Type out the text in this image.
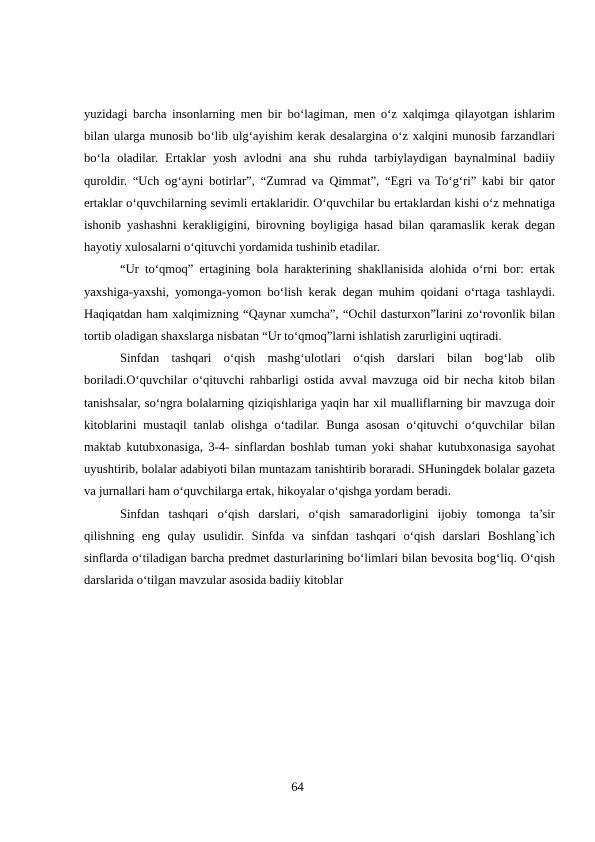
yuzidagi barcha insonlarning men bir bo‘lagiman, men o‘z xalqimga qilayotgan ishlarim bilan ularga munosib bo‘lib ulg‘ayishim kerak desalargina o‘z xalqini munosib farzandlari bo‘la oladilar. Ertaklar yosh avlodni ana shu ruhda tarbiylaydigan baynalminal badiiy quroldir. “Uch og‘ayni botirlar”, “Zumrad va Qimmat”, “Egri va To‘g‘ri” kabi bir qator ertaklar o‘quvchilarning sevimli ertaklaridir. O‘quvchilar bu ertaklardan kishi o‘z mehnatiga ishonib yashashni kerakligigini, birovning boyligiga hasad bilan qaramaslik kerak degan hayotiy xulosalarni o‘qituvchi yordamida tushinib etadilar.

“Ur to‘qmoq” ertagining bola harakterining shakllanisida alohida o‘rni bor: ertak yaxshiga-yaxshi, yomonga-yomon bo‘lish kerak degan muhim qoidani o‘rtaga tashlaydi. Haqiqatdan ham xalqimizning “Qaynar xumcha”, “Ochil dasturxon”larini zo‘rovonlik bilan tortib oladigan shaxslarga nisbatan “Ur to‘qmoq”larni ishlatish zarurligini uqtiradi.

Sinfdan tashqari o‘qish mashg‘ulotlari o‘qish darslari bilan bog‘lab olib boriladi.O‘quvchilar o‘qituvchi rahbarligi ostida avval mavzuga oid bir necha kitob bilan tanishsalar, so‘ngra bolalarning qiziqishlariga yaqin har xil mualliflarning bir mavzuga doir kitoblarini mustaqil tanlab olishga o‘tadilar. Bunga asosan o‘qituvchi o‘quvchilar bilan maktab kutubxonasiga, 3-4- sinflardan boshlab tuman yoki shahar kutubxonasiga sayohat uyushtirib, bolalar adabiyoti bilan muntazam tanishtirib boraradi. SHuningdek bolalar gazeta va jurnallari ham o‘quvchilarga ertak, hikoyalar o‘qishga yordam beradi.

Sinfdan tashqari o‘qish darslari, o‘qish samaradorligini ijobiy tomonga ta’sir qilishning eng qulay usulidir. Sinfda va sinfdan tashqari o‘qish darslari Boshlang`ich sinflarda o‘tiladigan barcha predmet dasturlarining bo‘limlari bilan bevosita bog‘liq. O‘qish darslarida o‘tilgan mavzular asosida badiiy kitoblar

64
